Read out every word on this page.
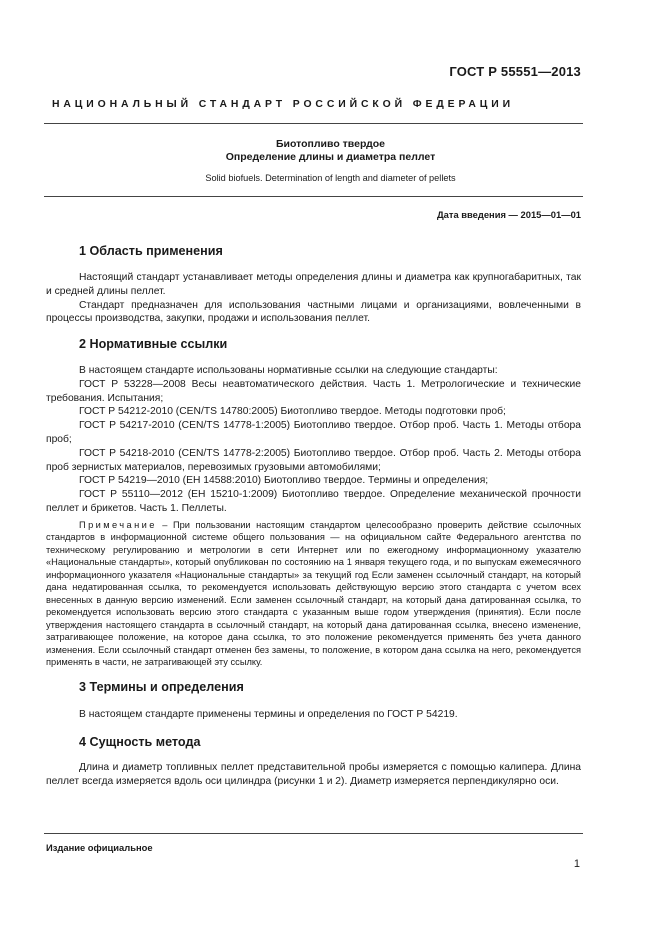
ГОСТ Р 55551—2013
НАЦИОНАЛЬНЫЙ СТАНДАРТ РОССИЙСКОЙ ФЕДЕРАЦИИ
Биотопливо твердое
Определение длины и диаметра пеллет
Solid biofuels. Determination of length and diameter of pellets
Дата введения — 2015—01—01
1 Область применения

Настоящий стандарт устанавливает методы определения длины и диаметра как крупногабаритных, так и средней длины пеллет.

Стандарт предназначен для использования частными лицами и организациями, вовлеченными в процессы производства, закупки, продажи и использования пеллет.

2 Нормативные ссылки

В настоящем стандарте использованы нормативные ссылки на следующие стандарты:

ГОСТ Р 53228—2008 Весы неавтоматического действия. Часть 1. Метрологические и технические требования. Испытания;

ГОСТ Р 54212-2010 (CEN/TS 14780:2005) Биотопливо твердое. Методы подготовки проб;

ГОСТ Р 54217-2010 (CEN/TS 14778-1:2005) Биотопливо твердое. Отбор проб. Часть 1. Методы отбора проб;

ГОСТ Р 54218-2010 (CEN/TS 14778-2:2005) Биотопливо твердое. Отбор проб. Часть 2. Методы отбора проб зернистых материалов, перевозимых грузовыми автомобилями;

ГОСТ Р 54219—2010 (ЕН 14588:2010) Биотопливо твердое. Термины и определения;

ГОСТ Р 55110—2012 (ЕН 15210-1:2009) Биотопливо твердое. Определение механической прочности пеллет и брикетов. Часть 1. Пеллеты.

Примечание – При пользовании настоящим стандартом целесообразно проверить действие ссылочных стандартов в информационной системе общего пользования — на официальном сайте Федерального агентства по техническому регулированию и метрологии в сети Интернет или по ежегодному информационному указателю «Национальные стандарты», который опубликован по состоянию на 1 января текущего года, и по выпускам ежемесячного информационного указателя «Национальные стандарты» за текущий год Если заменен ссылочный стандарт, на который дана недатированная ссылка, то рекомендуется использовать действующую версию этого стандарта с учетом всех внесенных в данную версию изменений. Если заменен ссылочный стандарт, на который дана датированная ссылка, то рекомендуется использовать версию этого стандарта с указанным выше годом утверждения (принятия). Если после утверждения настоящего стандарта в ссылочный стандарт, на который дана датированная ссылка, внесено изменение, затрагивающее положение, на которое дана ссылка, то это положение рекомендуется применять без учета данного изменения. Если ссылочный стандарт отменен без замены, то положение, в котором дана ссылка на него, рекомендуется применять в части, не затрагивающей эту ссылку.

3 Термины и определения

В настоящем стандарте применены термины и определения по ГОСТ Р 54219.

4 Сущность метода

Длина и диаметр топливных пеллет представительной пробы измеряется с помощью калипера. Длина пеллет всегда измеряется вдоль оси цилиндра (рисунки 1 и 2). Диаметр измеряется перпендикулярно оси.

Издание официальное
1
